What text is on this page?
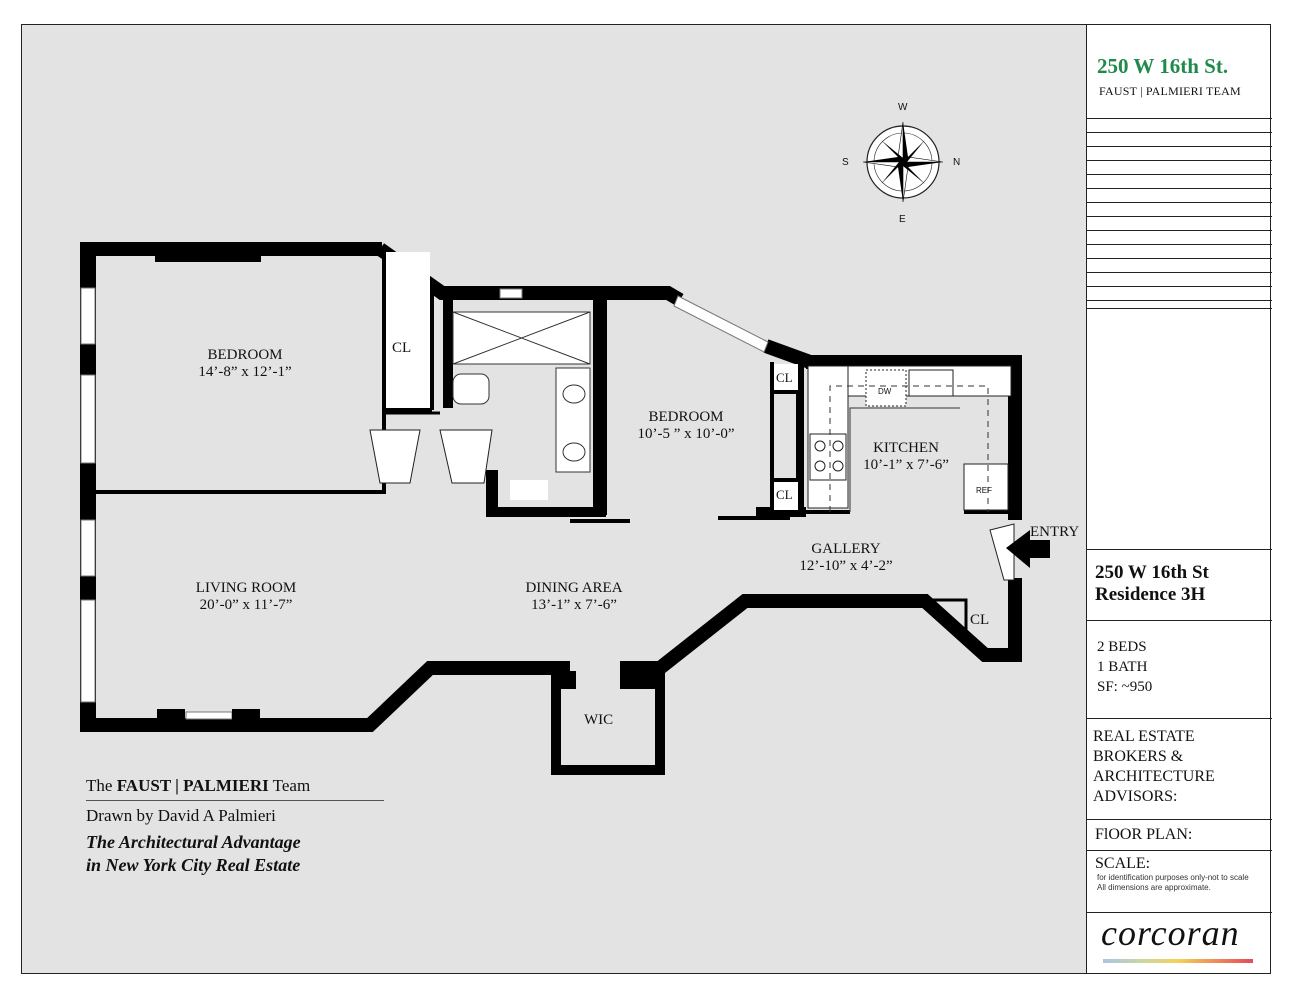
W
S	N
E
BEDROOM
14’-8” x 12’-1”
BEDROOM
10’-5 ” x 10’-0”
KITCHEN
10’-1” x 7’-6”
GALLERY
12’-10” x 4’-2”
LIVING ROOM
20’-0” x 11’-7”
DINING AREA
13’-1” x 7’-6”
WIC
CL
CL
CL
CL
DW
REF
ENTRY
The FAUST | PALMIERI Team
Drawn by David A Palmieri
The Architectural Advantage
in New York City Real Estate
250 W 16th St.
FAUST | PALMIERI TEAM
250 W 16th St
Residence 3H
2 BEDS
1 BATH
SF: ~950
REAL ESTATE
BROKERS &
ARCHITECTURE
ADVISORS:
FlOOR PLAN:
SCALE:
for identification purposes only-not to scale
All dimensions are approximate.
corcoran
